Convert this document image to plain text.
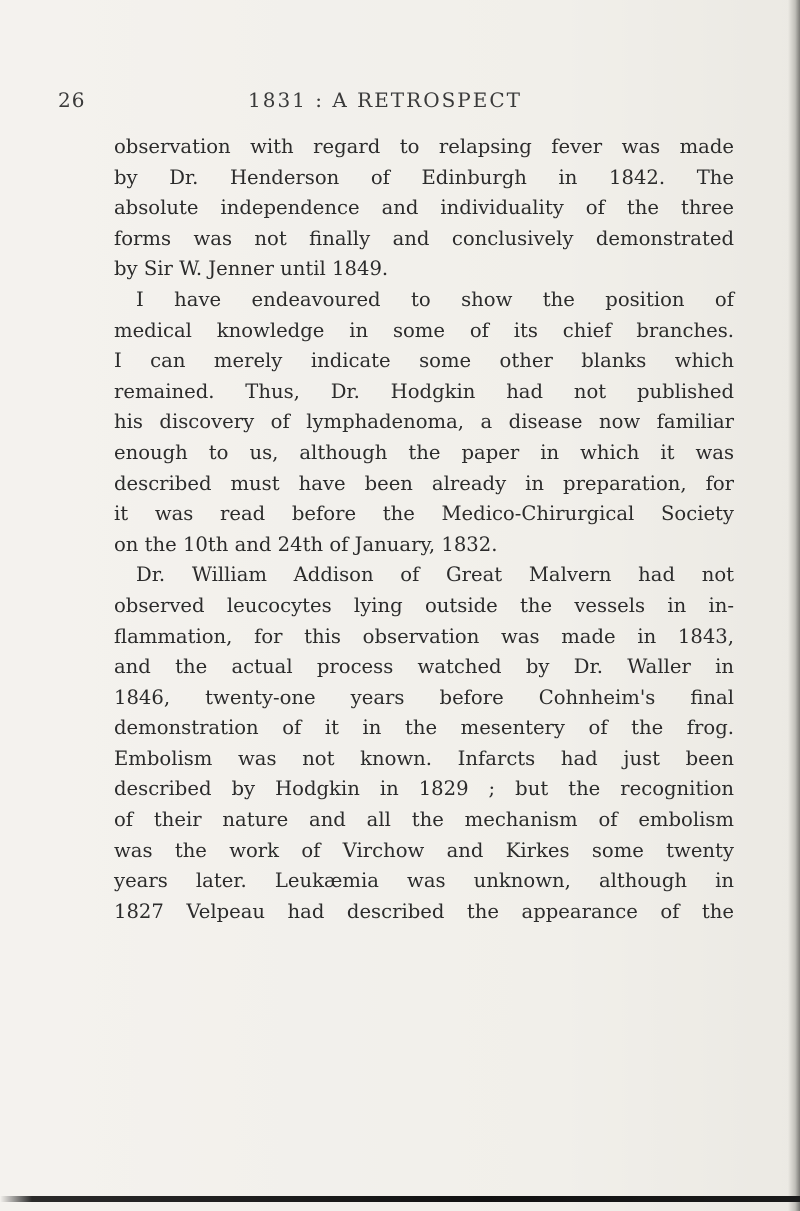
26	1831 : A RETROSPECT
observation with regard to relapsing fever was made
by Dr. Henderson of Edinburgh in 1842. The
absolute independence and individuality of the three
forms was not finally and conclusively demonstrated
by Sir W. Jenner until 1849.
I have endeavoured to show the position of
medical knowledge in some of its chief branches.
I can merely indicate some other blanks which
remained. Thus, Dr. Hodgkin had not published
his discovery of lymphadenoma, a disease now familiar
enough to us, although the paper in which it was
described must have been already in preparation, for
it was read before the Medico-Chirurgical Society
on the 10th and 24th of January, 1832.
Dr. William Addison of Great Malvern had not
observed leucocytes lying outside the vessels in in-
flammation, for this observation was made in 1843,
and the actual process watched by Dr. Waller in
1846, twenty-one years before Cohnheim's final
demonstration of it in the mesentery of the frog.
Embolism was not known. Infarcts had just been
described by Hodgkin in 1829 ; but the recognition
of their nature and all the mechanism of embolism
was the work of Virchow and Kirkes some twenty
years later. Leukæmia was unknown, although in
1827 Velpeau had described the appearance of the
